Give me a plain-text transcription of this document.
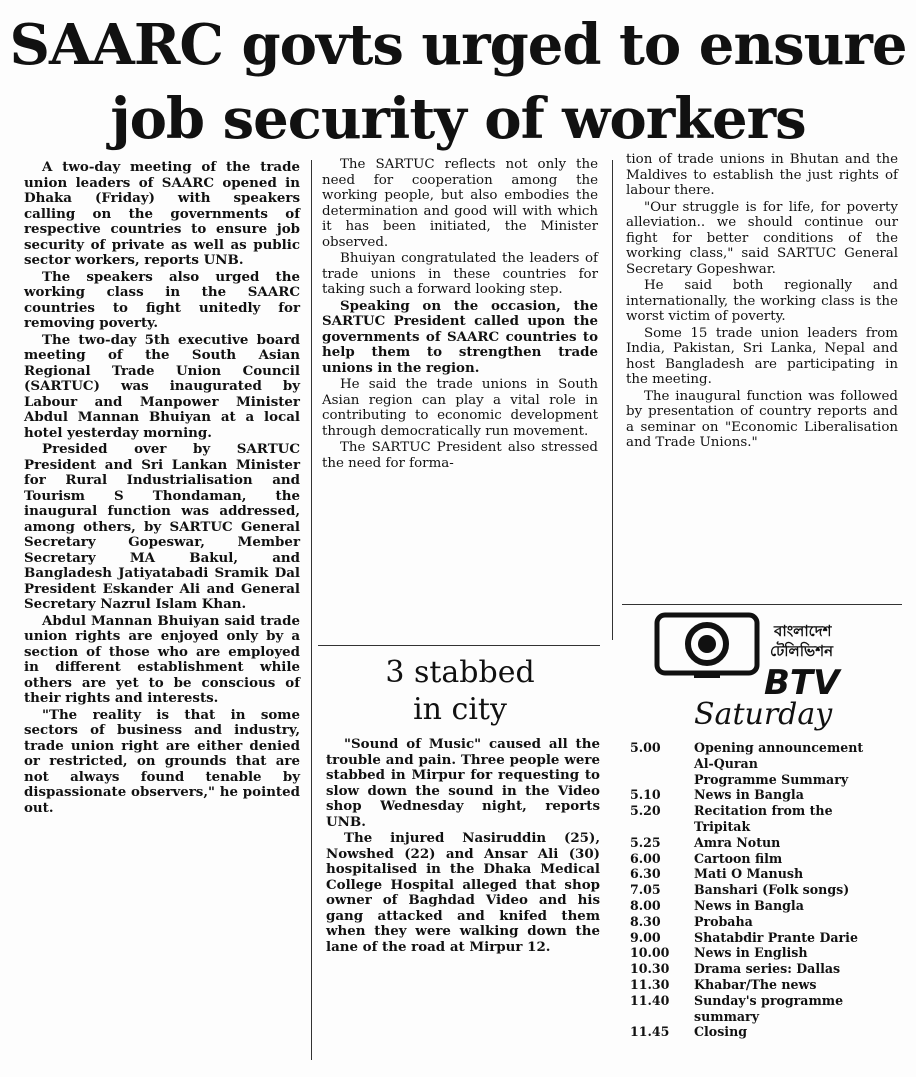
SAARC govts urged to ensure
job security of workers

A two-day meeting of the trade union leaders of SAARC opened in Dhaka (Friday) with speakers calling on the governments of respective countries to ensure job security of private as well as public sector workers, reports UNB.

The speakers also urged the working class in the SAARC countries to fight unitedly for removing poverty.

The two-day 5th executive board meeting of the South Asian Regional Trade Union Council (SARTUC) was inaugurated by Labour and Manpower Minister Abdul Mannan Bhuiyan at a local hotel yesterday morning.

Presided over by SARTUC President and Sri Lankan Minister for Rural Industrialisation and Tourism S Thondaman, the inaugural function was addressed, among others, by SARTUC General Secretary Gopeswar, Member Secretary MA Bakul, and Bangladesh Jatiyatabadi Sramik Dal President Eskander Ali and General Secretary Nazrul Islam Khan.

Abdul Mannan Bhuiyan said trade union rights are enjoyed only by a section of those who are employed in different establishment while others are yet to be conscious of their rights and interests.

"The reality is that in some sectors of business and industry, trade union right are either denied or restricted, on grounds that are not always found tenable by dispassionate observers," he pointed out.

The SARTUC reflects not only the need for cooperation among the working people, but also embodies the determination and good will with which it has been initiated, the Minister observed.

Bhuiyan congratulated the leaders of trade unions in these countries for taking such a forward looking step.

Speaking on the occasion, the SARTUC President called upon the governments of SAARC countries to help them to strengthen trade unions in the region.

He said the trade unions in South Asian region can play a vital role in contributing to economic development through democratically run movement.

The SARTUC President also stressed the need for forma-

3 stabbed
in city

"Sound of Music" caused all the trouble and pain. Three people were stabbed in Mirpur for requesting to slow down the sound in the Video shop Wednesday night, reports UNB.

The injured Nasiruddin (25), Nowshed (22) and Ansar Ali (30) hospitalised in the Dhaka Medical College Hospital alleged that shop owner of Baghdad Video and his gang attacked and knifed them when they were walking down the lane of the road at Mirpur 12.

tion of trade unions in Bhutan and the Maldives to establish the just rights of labour there.

"Our struggle is for life, for poverty alleviation.. we should continue our fight for better conditions of the working class," said SARTUC General Secretary Gopeshwar.

He said both regionally and internationally, the working class is the worst victim of poverty.

Some 15 trade union leaders from India, Pakistan, Sri Lanka, Nepal and host Bangladesh are participating in the meeting.

The inaugural function was followed by presentation of country reports and a seminar on "Economic Liberalisation and Trade Unions."

বাংলাদেশ
টেলিভিশন
BTV
Saturday
5.00	Opening announcement
Al-Quran
Programme Summary
5.10	News in Bangla
5.20	Recitation from the
Tripitak
5.25	Amra Notun
6.00	Cartoon film
6.30	Mati O Manush
7.05	Banshari (Folk songs)
8.00	News in Bangla
8.30	Probaha
9.00	Shatabdir Prante Darie
10.00	News in English
10.30	Drama series: Dallas
11.30	Khabar/The news
11.40	Sunday's programme
summary
11.45	Closing
